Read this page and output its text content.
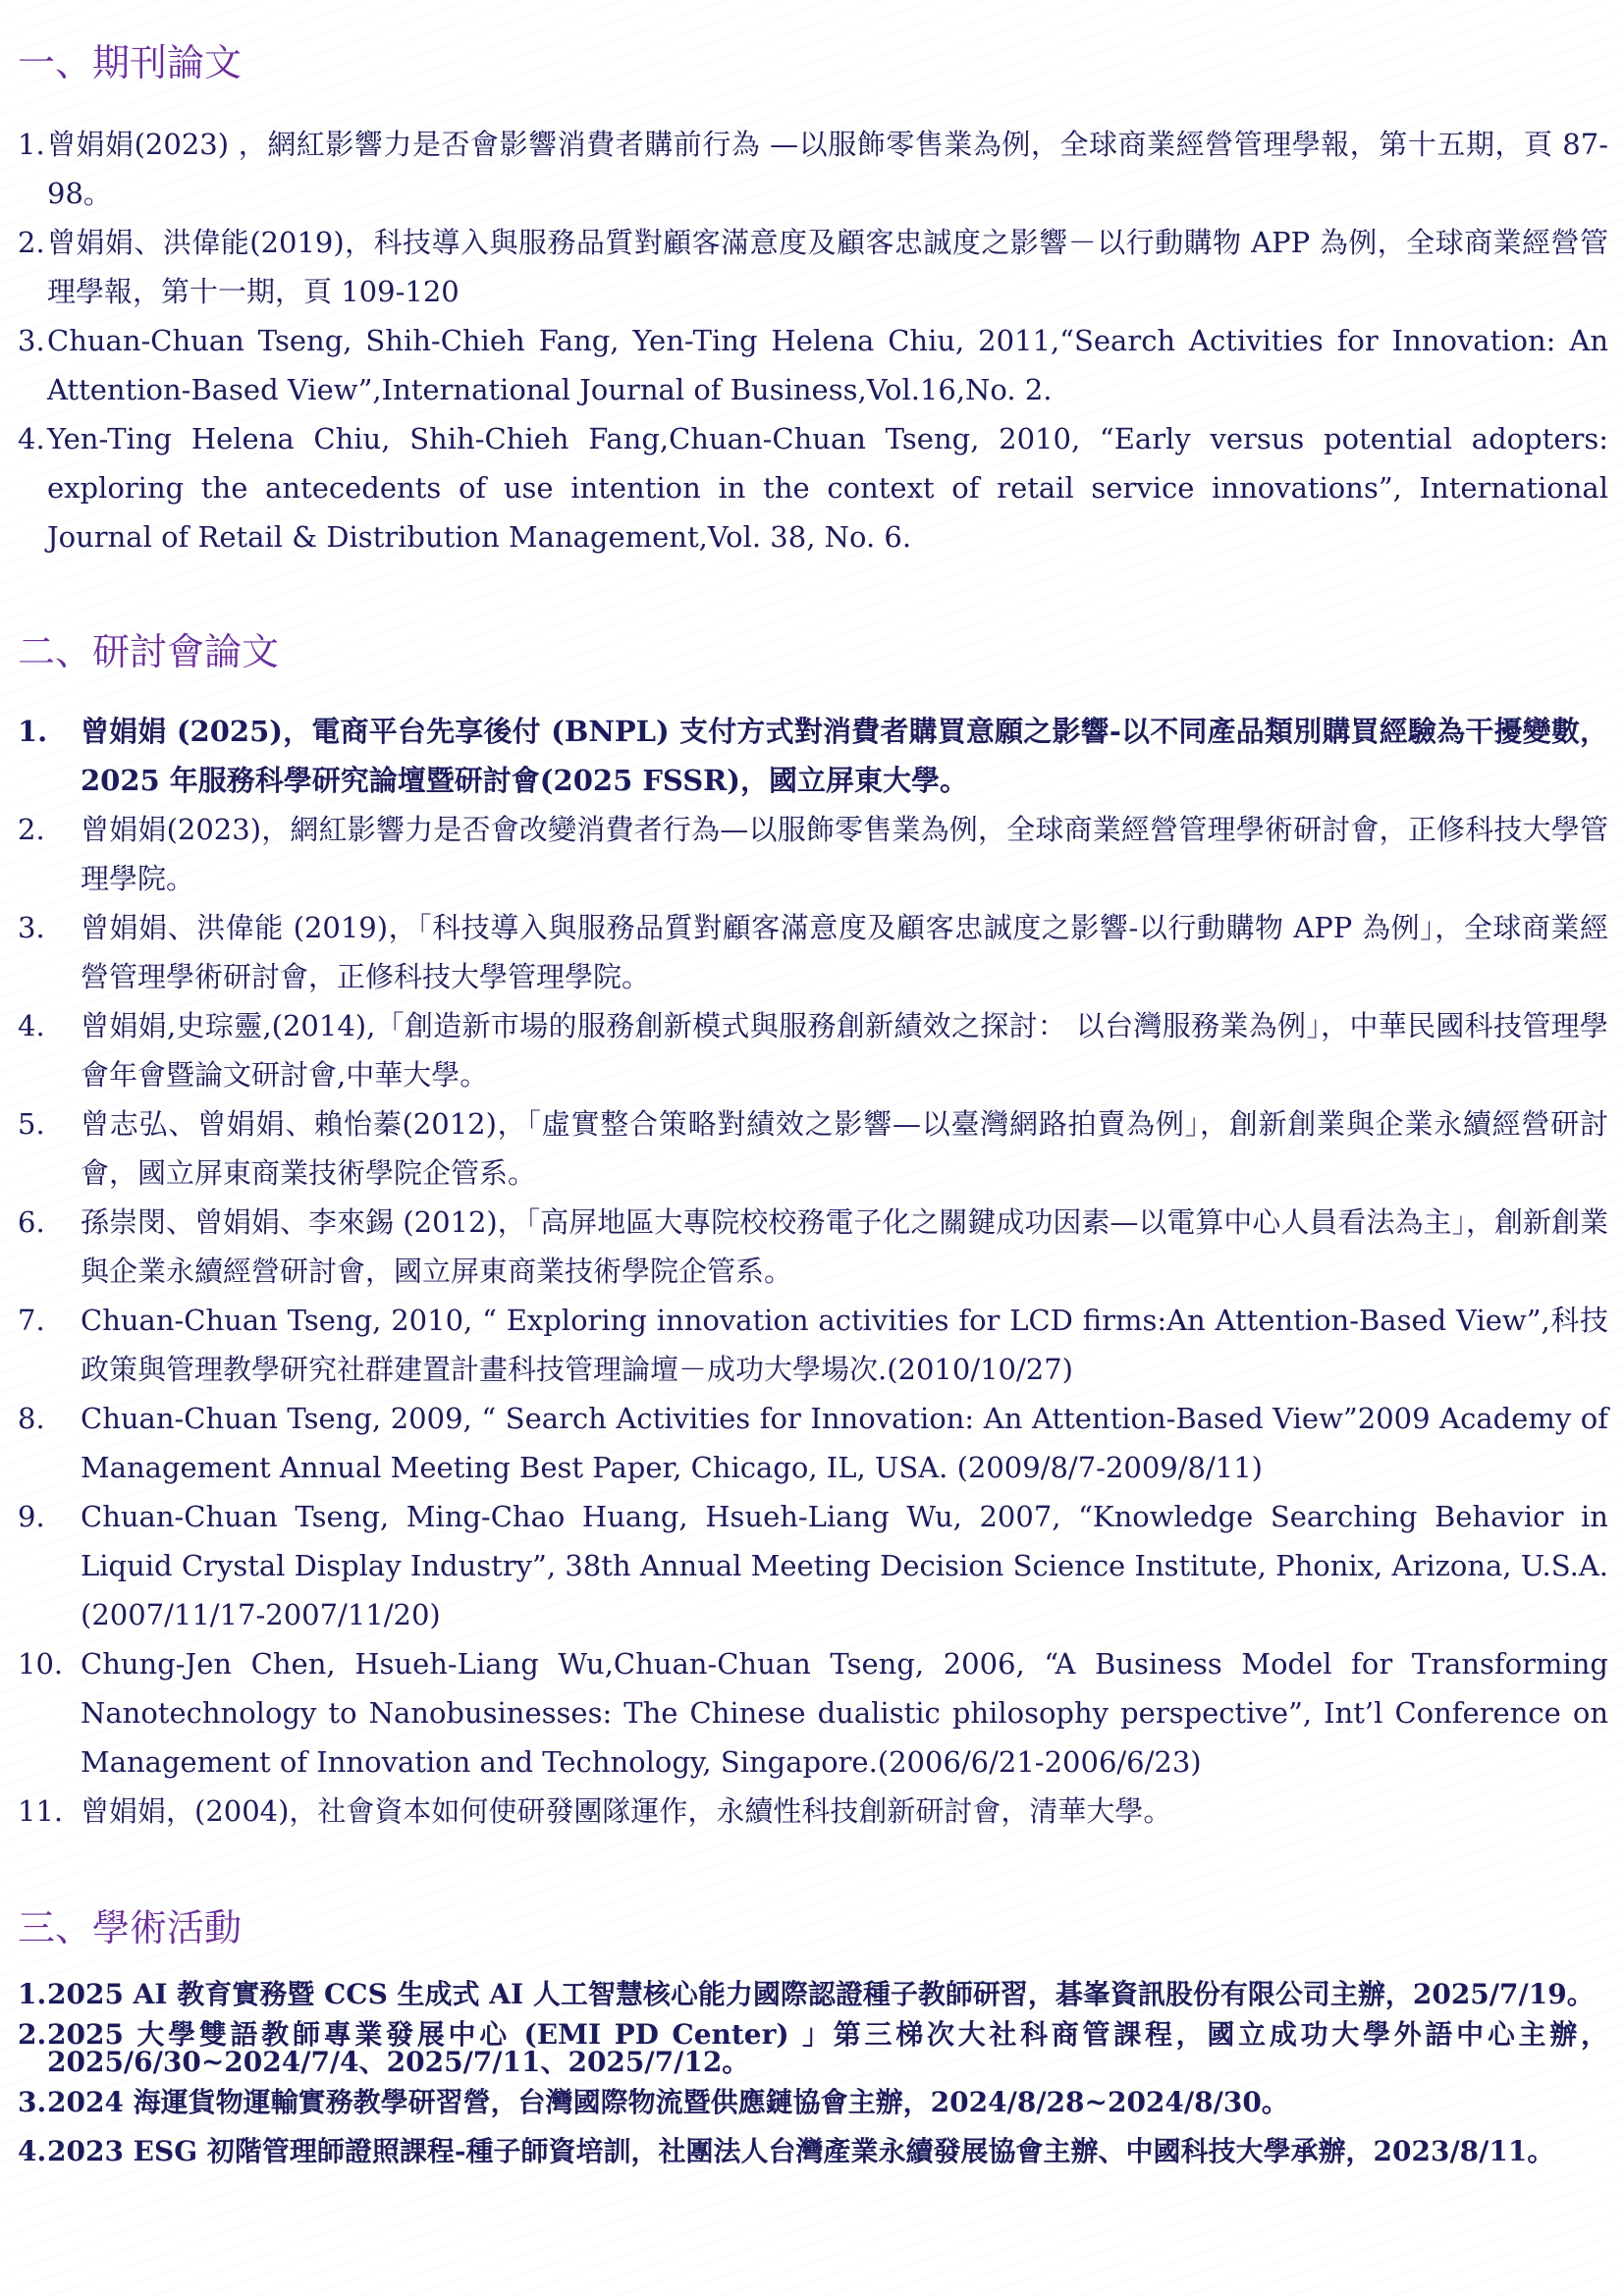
一、期刊論文
1. 曾娟娟(2023) ，網紅影響力是否會影響消費者購前行為 —以服飾零售業為例，全球商業經營管理學報，第十五期，頁 87-98。
2. 曾娟娟、洪偉能(2019)，科技導入與服務品質對顧客滿意度及顧客忠誠度之影響－以行動購物 APP 為例，全球商業經營管理學報，第十一期，頁 109-120
3. Chuan-Chuan Tseng, Shih-Chieh Fang, Yen-Ting Helena Chiu, 2011,“Search Activities for Innovation: An Attention-Based View”,International Journal of Business,Vol.16,No. 2.
4. Yen-Ting Helena Chiu, Shih-Chieh Fang,Chuan-Chuan Tseng, 2010, “Early versus potential adopters: exploring the antecedents of use intention in the context of retail service innovations”, International Journal of Retail & Distribution Management,Vol. 38, No. 6.
二、研討會論文
1. 曾娟娟 (2025)，電商平台先享後付 (BNPL) 支付方式對消費者購買意願之影響-以不同產品類別購買經驗為干擾變數，2025 年服務科學研究論壇暨研討會(2025 FSSR)，國立屏東大學。
2. 曾娟娟(2023)，網紅影響力是否會改變消費者行為—以服飾零售業為例，全球商業經營管理學術研討會，正修科技大學管理學院。
3. 曾娟娟、洪偉能 (2019)，「科技導入與服務品質對顧客滿意度及顧客忠誠度之影響-以行動購物 APP 為例」，全球商業經營管理學術研討會，正修科技大學管理學院。
4. 曾娟娟,史琮靈,(2014),「創造新市場的服務創新模式與服務創新績效之探討： 以台灣服務業為例」，中華民國科技管理學會年會暨論文研討會,中華大學。
5. 曾志弘、曾娟娟、賴怡蓁(2012)，「虛實整合策略對績效之影響—以臺灣網路拍賣為例」，創新創業與企業永續經營研討會，國立屏東商業技術學院企管系。
6. 孫崇閔、曾娟娟、李來錫 (2012)，「高屏地區大專院校校務電子化之關鍵成功因素—以電算中心人員看法為主」，創新創業與企業永續經營研討會，國立屏東商業技術學院企管系。
7. Chuan-Chuan Tseng, 2010, “ Exploring innovation activities for LCD firms:An Attention-Based View”,科技政策與管理教學研究社群建置計畫科技管理論壇－成功大學場次.(2010/10/27)
8. Chuan-Chuan Tseng, 2009, “ Search Activities for Innovation: An Attention-Based View”2009 Academy of Management Annual Meeting Best Paper, Chicago, IL, USA. (2009/8/7-2009/8/11)
9. Chuan-Chuan Tseng, Ming-Chao Huang, Hsueh-Liang Wu, 2007, “Knowledge Searching Behavior in Liquid Crystal Display Industry”, 38th Annual Meeting Decision Science Institute, Phonix, Arizona, U.S.A. (2007/11/17-2007/11/20)
10. Chung-Jen Chen, Hsueh-Liang Wu,Chuan-Chuan Tseng, 2006, “A Business Model for Transforming Nanotechnology to Nanobusinesses: The Chinese dualistic philosophy perspective”, Int’l Conference on Management of Innovation and Technology, Singapore.(2006/6/21-2006/6/23)
11. 曾娟娟，(2004)，社會資本如何使研發團隊運作，永續性科技創新研討會，清華大學。
三、學術活動
1. 2025 AI 教育實務暨 CCS 生成式 AI 人工智慧核心能力國際認證種子教師研習，碁峯資訊股份有限公司主辦，2025/7/19。
2. 2025 大學雙語教師專業發展中心 (EMI PD Center) 」第三梯次大社科商管課程，國立成功大學外語中心主辦，2025/6/30~2024/7/4、2025/7/11、2025/7/12。
3. 2024 海運貨物運輸實務教學研習營，台灣國際物流暨供應鏈協會主辦，2024/8/28~2024/8/30。
4. 2023 ESG 初階管理師證照課程-種子師資培訓，社團法人台灣產業永續發展協會主辦、中國科技大學承辦，2023/8/11。
